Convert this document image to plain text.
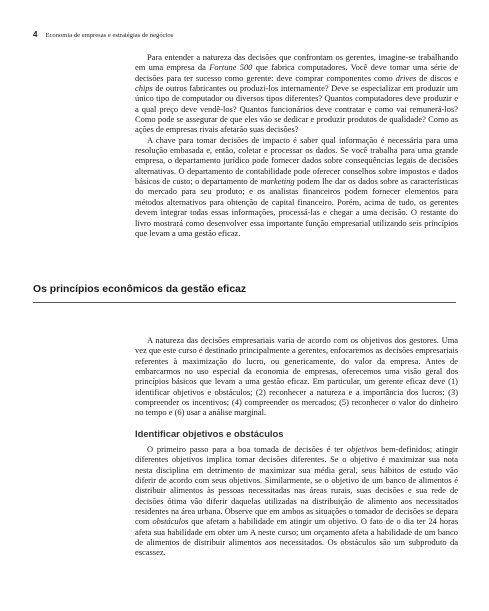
4 Economia de empresas e estratégias de negócios

Para entender a natureza das decisões que confrontam os gerentes, imagine-se trabalhando em uma empresa da Fortune 500 que fabrica computadores. Você deve tomar uma série de decisões para ter sucesso como gerente: deve comprar componentes como drives de discos e chips de outros fabricantes ou produzi-los internamente? Deve se especializar em produzir um único tipo de computador ou diversos tipos diferentes? Quantos computadores deve produzir e a qual preço deve vendê-los? Quantos funcionários deve contratar e como vai remunerá-los? Como pode se assegurar de que eles vão se dedicar e produzir produtos de qualidade? Como as ações de empresas rivais afetarão suas decisões?

A chave para tomar decisões de impacto é saber qual informação é necessária para uma resolução embasada e, então, coletar e processar os dados. Se você trabalha para uma grande empresa, o departamento jurídico pode fornecer dados sobre consequências legais de decisões alternativas. O departamento de contabilidade pode oferecer conselhos sobre impostos e dados básicos de custo; o departamento de marketing podem lhe dar os dados sobre as características do mercado para seu produto; e os analistas financeiros podem fornecer elementos para métodos alternativos para obtenção de capital financeiro. Porém, acima de tudo, os gerentes devem integrar todas essas informações, processá-las e chegar a uma decisão. O restante do livro mostrará como desenvolver essa importante função empresarial utilizando seis princípios que levam a uma gestão eficaz.

Os princípios econômicos da gestão eficaz

A natureza das decisões empresariais varia de acordo com os objetivos dos gestores. Uma vez que este curso é destinado principalmente a gerentes, enfocaremos as decisões empresariais referentes à maximização do lucro, ou genericamente, do valor da empresa. Antes de embarcarmos no uso especial da economia de empresas, oferecemos uma visão geral dos princípios básicos que levam a uma gestão eficaz. Em particular, um gerente eficaz deve (1) identificar objetivos e obstáculos; (2) reconhecer a natureza e a importância dos lucros; (3) compreender os incentivos; (4) compreender os mercados; (5) reconhecer o valor do dinheiro no tempo e (6) usar a análise marginal.

Identificar objetivos e obstáculos

O primeiro passo para a boa tomada de decisões é ter objetivos bem-definidos; atingir diferentes objetivos implica tomar decisões diferentes. Se o objetivo é maximizar sua nota nesta disciplina em detrimento de maximizar sua média geral, seus hábitos de estudo vão diferir de acordo com seus objetivos. Similarmente, se o objetivo de um banco de alimentos é distribuir alimentos às pessoas necessitadas nas áreas rurais, suas decisões e sua rede de decisões ótima vão diferir daquelas utilizadas na distribuição de alimento aos necessitados residentes na área urbana. Observe que em ambos as situações o tomador de decisões se depara com obstáculos que afetam a habilidade em atingir um objetivo. O fato de o dia ter 24 horas afeta sua habilidade em obter um A neste curso; um orçamento afeta a habilidade de um banco de alimentos de distribuir alimentos aos necessitados. Os obstáculos são um subproduto da escassez.
